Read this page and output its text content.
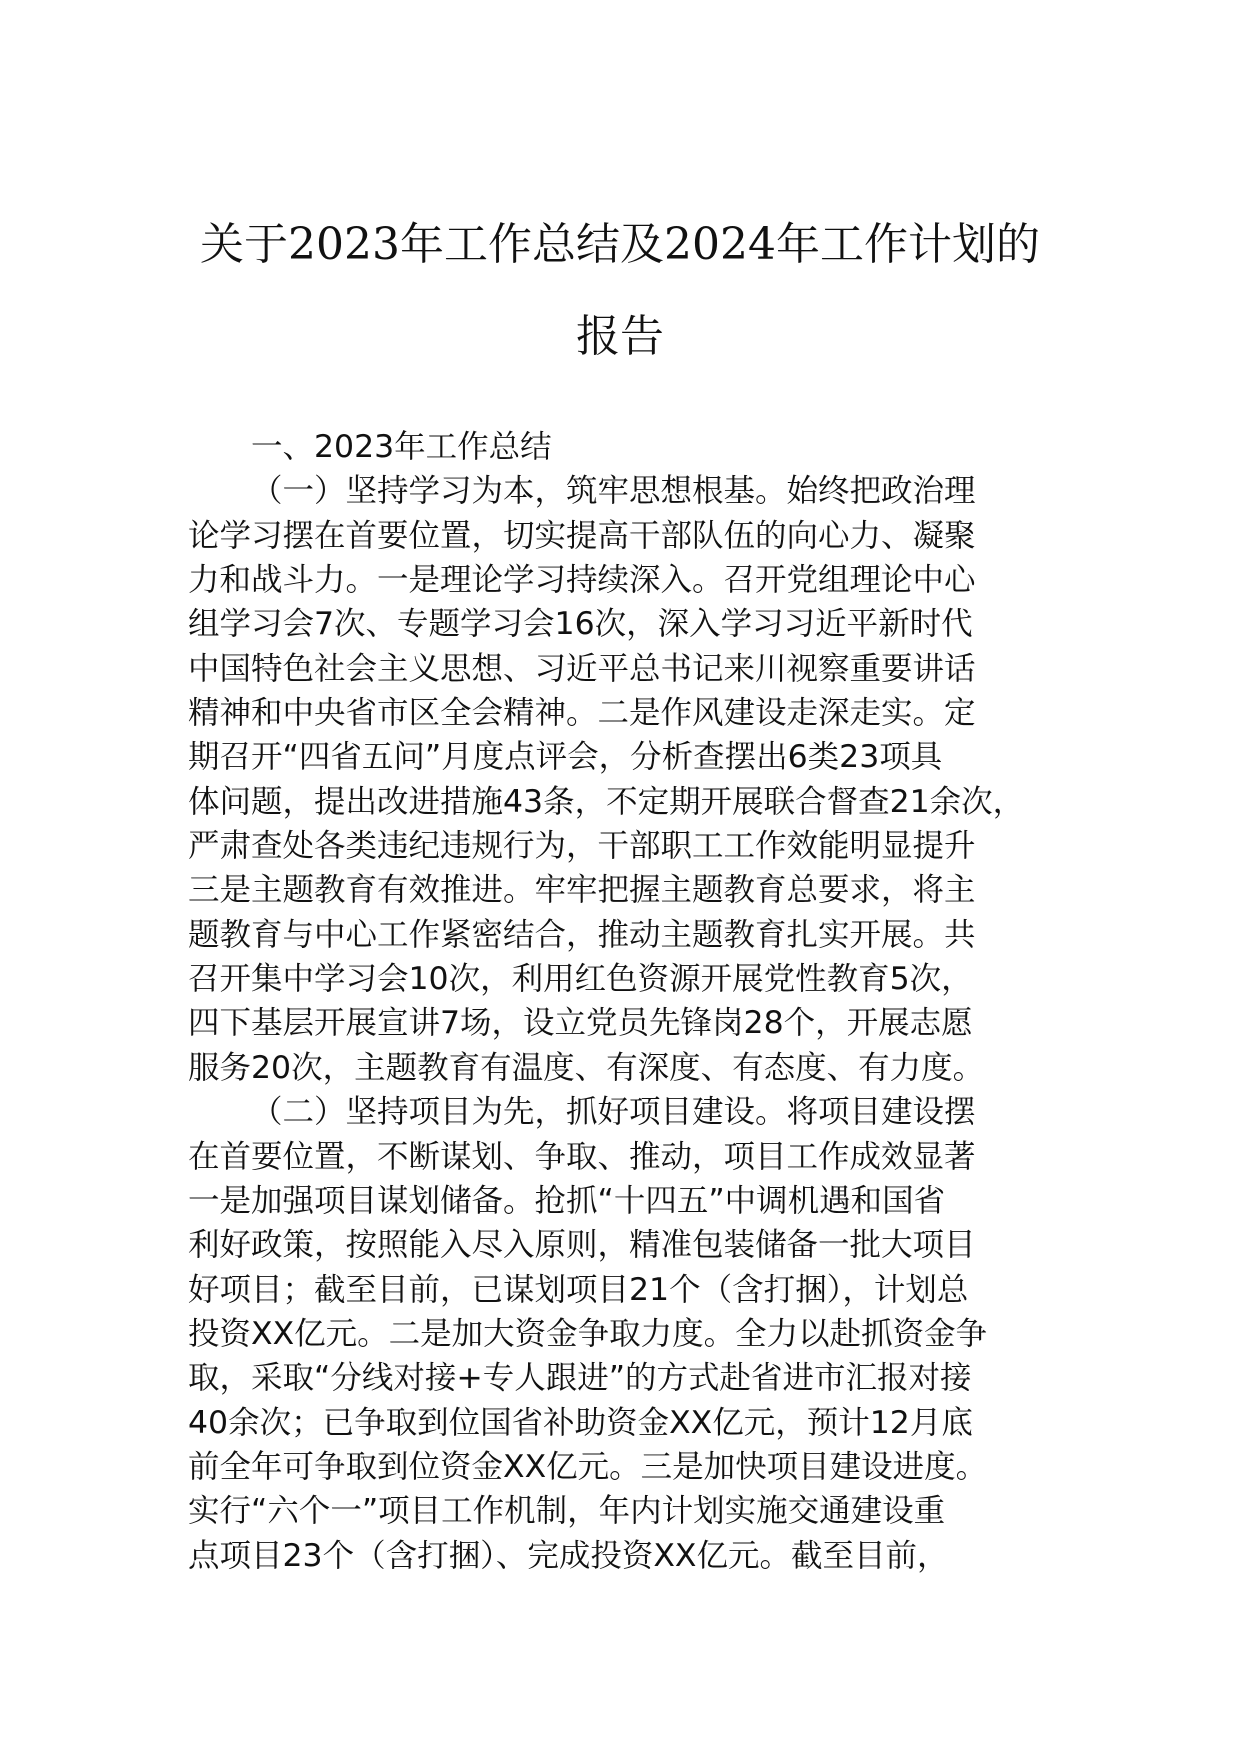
关于2023年工作总结及2024年工作计划的
报告
一、2023年工作总结
（一）坚持学习为本，筑牢思想根基。始终把政治理
论学习摆在首要位置，切实提高干部队伍的向心力、凝聚
力和战斗力。一是理论学习持续深入。召开党组理论中心
组学习会7次、专题学习会16次，深入学习习近平新时代
中国特色社会主义思想、习近平总书记来川视察重要讲话
精神和中央省市区全会精神。二是作风建设走深走实。定
期召开“四省五问”月度点评会，分析查摆出6类23项具
体问题，提出改进措施43条，不定期开展联合督查21余次，
严肃查处各类违纪违规行为，干部职工工作效能明显提升
三是主题教育有效推进。牢牢把握主题教育总要求，将主
题教育与中心工作紧密结合，推动主题教育扎实开展。共
召开集中学习会10次，利用红色资源开展党性教育5次，
四下基层开展宣讲7场，设立党员先锋岗28个，开展志愿
服务20次，主题教育有温度、有深度、有态度、有力度。
（二）坚持项目为先，抓好项目建设。将项目建设摆
在首要位置，不断谋划、争取、推动，项目工作成效显著
一是加强项目谋划储备。抢抓“十四五”中调机遇和国省
利好政策，按照能入尽入原则，精准包装储备一批大项目
好项目；截至目前，已谋划项目21个（含打捆），计划总
投资XX亿元。二是加大资金争取力度。全力以赴抓资金争
取，采取“分线对接+专人跟进”的方式赴省进市汇报对接
40余次；已争取到位国省补助资金XX亿元，预计12月底
前全年可争取到位资金XX亿元。三是加快项目建设进度。
实行“六个一”项目工作机制，年内计划实施交通建设重
点项目23个（含打捆）、完成投资XX亿元。截至目前，
